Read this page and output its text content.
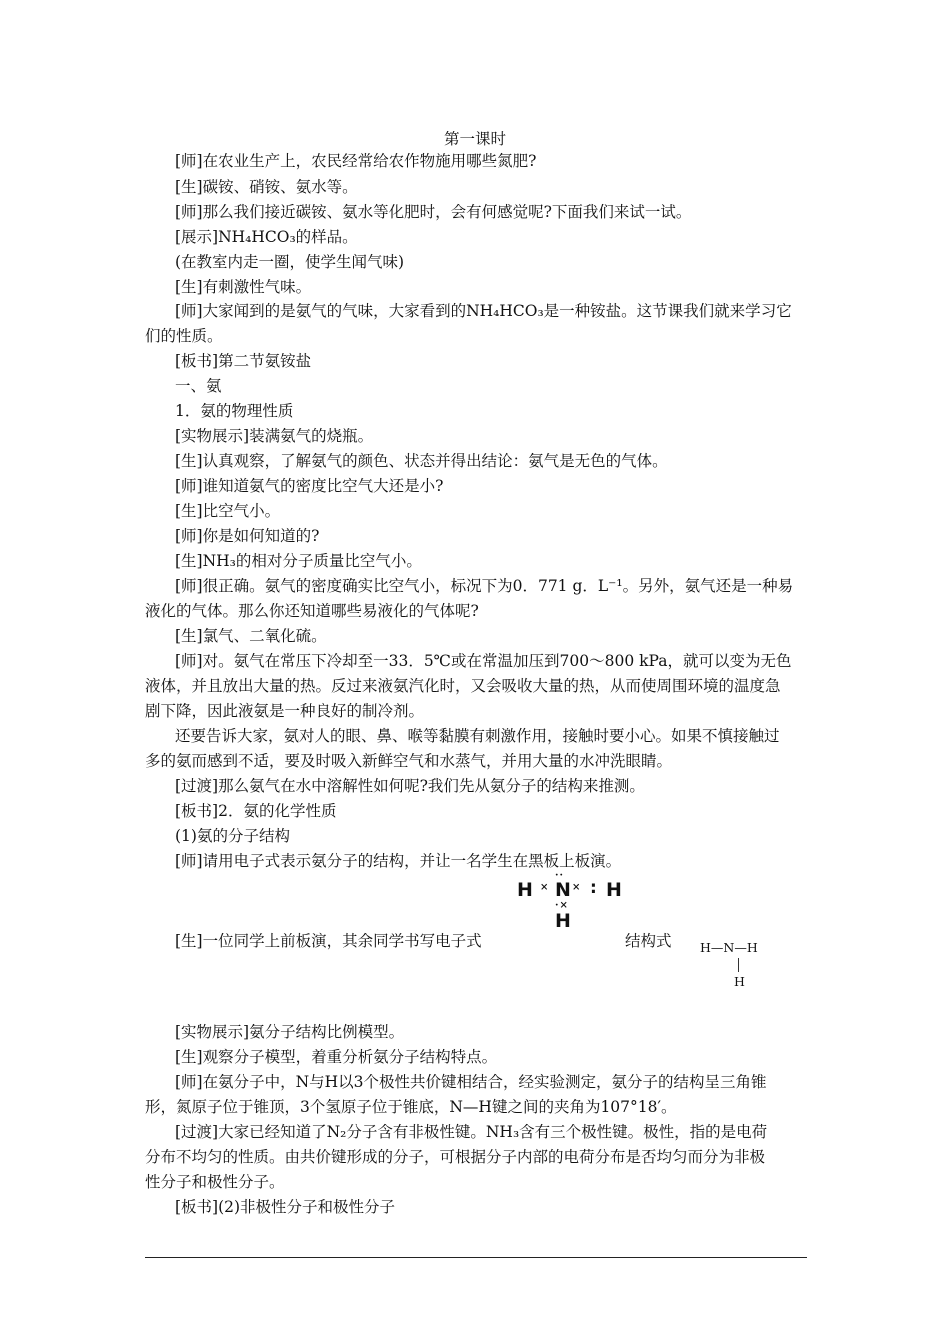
第一课时
[师]在农业生产上，农民经常给农作物施用哪些氮肥?
[生]碳铵、硝铵、氨水等。
[师]那么我们接近碳铵、氨水等化肥时，会有何感觉呢?下面我们来试一试。
[展示]NH₄HCO₃的样品。
(在教室内走一圈，使学生闻气味)
[生]有刺激性气味。
[师]大家闻到的是氨气的气味，大家看到的NH₄HCO₃是一种铵盐。这节课我们就来学习它
们的性质。
[板书]第二节氨铵盐
一、氨
1．氨的物理性质
[实物展示]装满氨气的烧瓶。
[生]认真观察，了解氨气的颜色、状态并得出结论：氨气是无色的气体。
[师]谁知道氨气的密度比空气大还是小?
[生]比空气小。
[师]你是如何知道的?
[生]NH₃的相对分子质量比空气小。
[师]很正确。氨气的密度确实比空气小，标况下为0．771 g．L⁻¹。另外，氨气还是一种易
液化的气体。那么你还知道哪些易液化的气体呢?
[生]氯气、二氧化硫。
[师]对。氨气在常压下冷却至一33．5℃或在常温加压到700～800 kPa，就可以变为无色
液体，并且放出大量的热。反过来液氨汽化时，又会吸收大量的热，从而使周围环境的温度急
剧下降，因此液氨是一种良好的制冷剂。
还要告诉大家，氨对人的眼、鼻、喉等黏膜有刺激作用，接触时要小心。如果不慎接触过
多的氨而感到不适，要及时吸入新鲜空气和水蒸气，并用大量的水冲洗眼睛。
[过渡]那么氨气在水中溶解性如何呢?我们先从氨分子的结构来推测。
[板书]2．氨的化学性质
(1)氨的分子结构
[师]请用电子式表示氨分子的结构，并让一名学生在黑板上板演。
··
H × N × : H
·×
H
[生]一位同学上前板演，其余同学书写电子式	结构式	H—N—H
H
[实物展示]氨分子结构比例模型。
[生]观察分子模型，着重分析氨分子结构特点。
[师]在氨分子中，N与H以3个极性共价键相结合，经实验测定，氨分子的结构呈三角锥
形，氮原子位于锥顶，3个氢原子位于锥底，N—H键之间的夹角为107°18′。
[过渡]大家已经知道了N₂分子含有非极性键。NH₃含有三个极性键。极性，指的是电荷
分布不均匀的性质。由共价键形成的分子，可根据分子内部的电荷分布是否均匀而分为非极
性分子和极性分子。
[板书](2)非极性分子和极性分子
